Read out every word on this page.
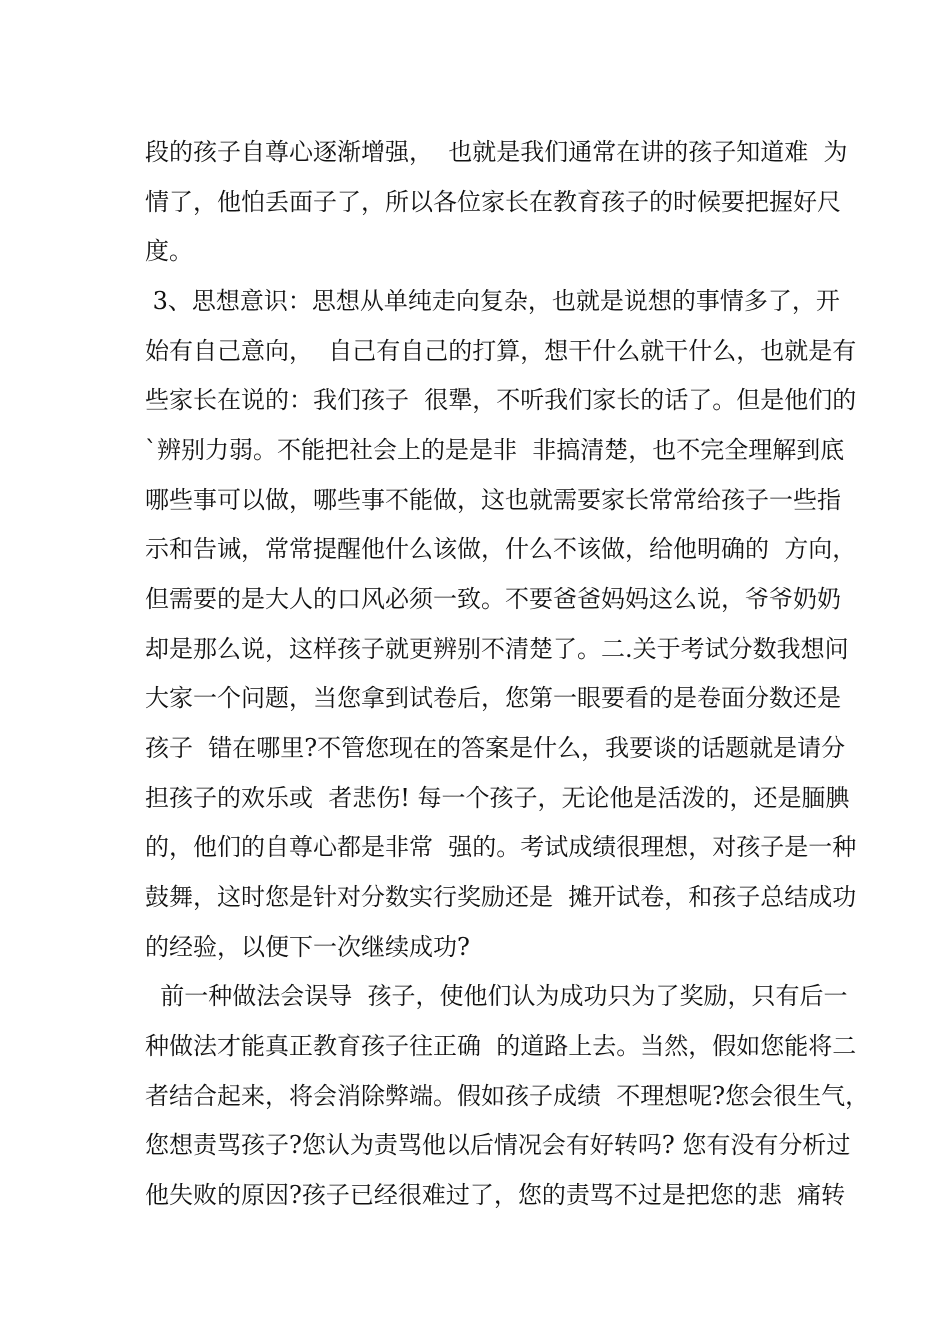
段的孩子自尊心逐渐增强，  也就是我们通常在讲的孩子知道难  为
情了，他怕丢面子了，所以各位家长在教育孩子的时候要把握好尺
度。
3、思想意识：思想从单纯走向复杂，也就是说想的事情多了，开
始有自己意向，  自己有自己的打算，想干什么就干什么，也就是有
些家长在说的：我们孩子  很犟，不听我们家长的话了。但是他们的
`辨别力弱。不能把社会上的是是非  非搞清楚，也不完全理解到底
哪些事可以做，哪些事不能做，这也就需要家长常常给孩子一些指
示和告诫，常常提醒他什么该做，什么不该做，给他明确的  方向，
但需要的是大人的口风必须一致。不要爸爸妈妈这么说，爷爷奶奶
却是那么说，这样孩子就更辨别不清楚了。二.关于考试分数我想问
大家一个问题，当您拿到试卷后，您第一眼要看的是卷面分数还是
孩子  错在哪里?不管您现在的答案是什么，我要谈的话题就是请分
担孩子的欢乐或  者悲伤! 每一个孩子，无论他是活泼的，还是腼腆
的，他们的自尊心都是非常  强的。考试成绩很理想，对孩子是一种
鼓舞，这时您是针对分数实行奖励还是  摊开试卷，和孩子总结成功
的经验，以便下一次继续成功?
前一种做法会误导  孩子，使他们认为成功只为了奖励，只有后一
种做法才能真正教育孩子往正确  的道路上去。当然，假如您能将二
者结合起来，将会消除弊端。假如孩子成绩  不理想呢?您会很生气，
您想责骂孩子?您认为责骂他以后情况会有好转吗? 您有没有分析过
他失败的原因?孩子已经很难过了，您的责骂不过是把您的悲  痛转
